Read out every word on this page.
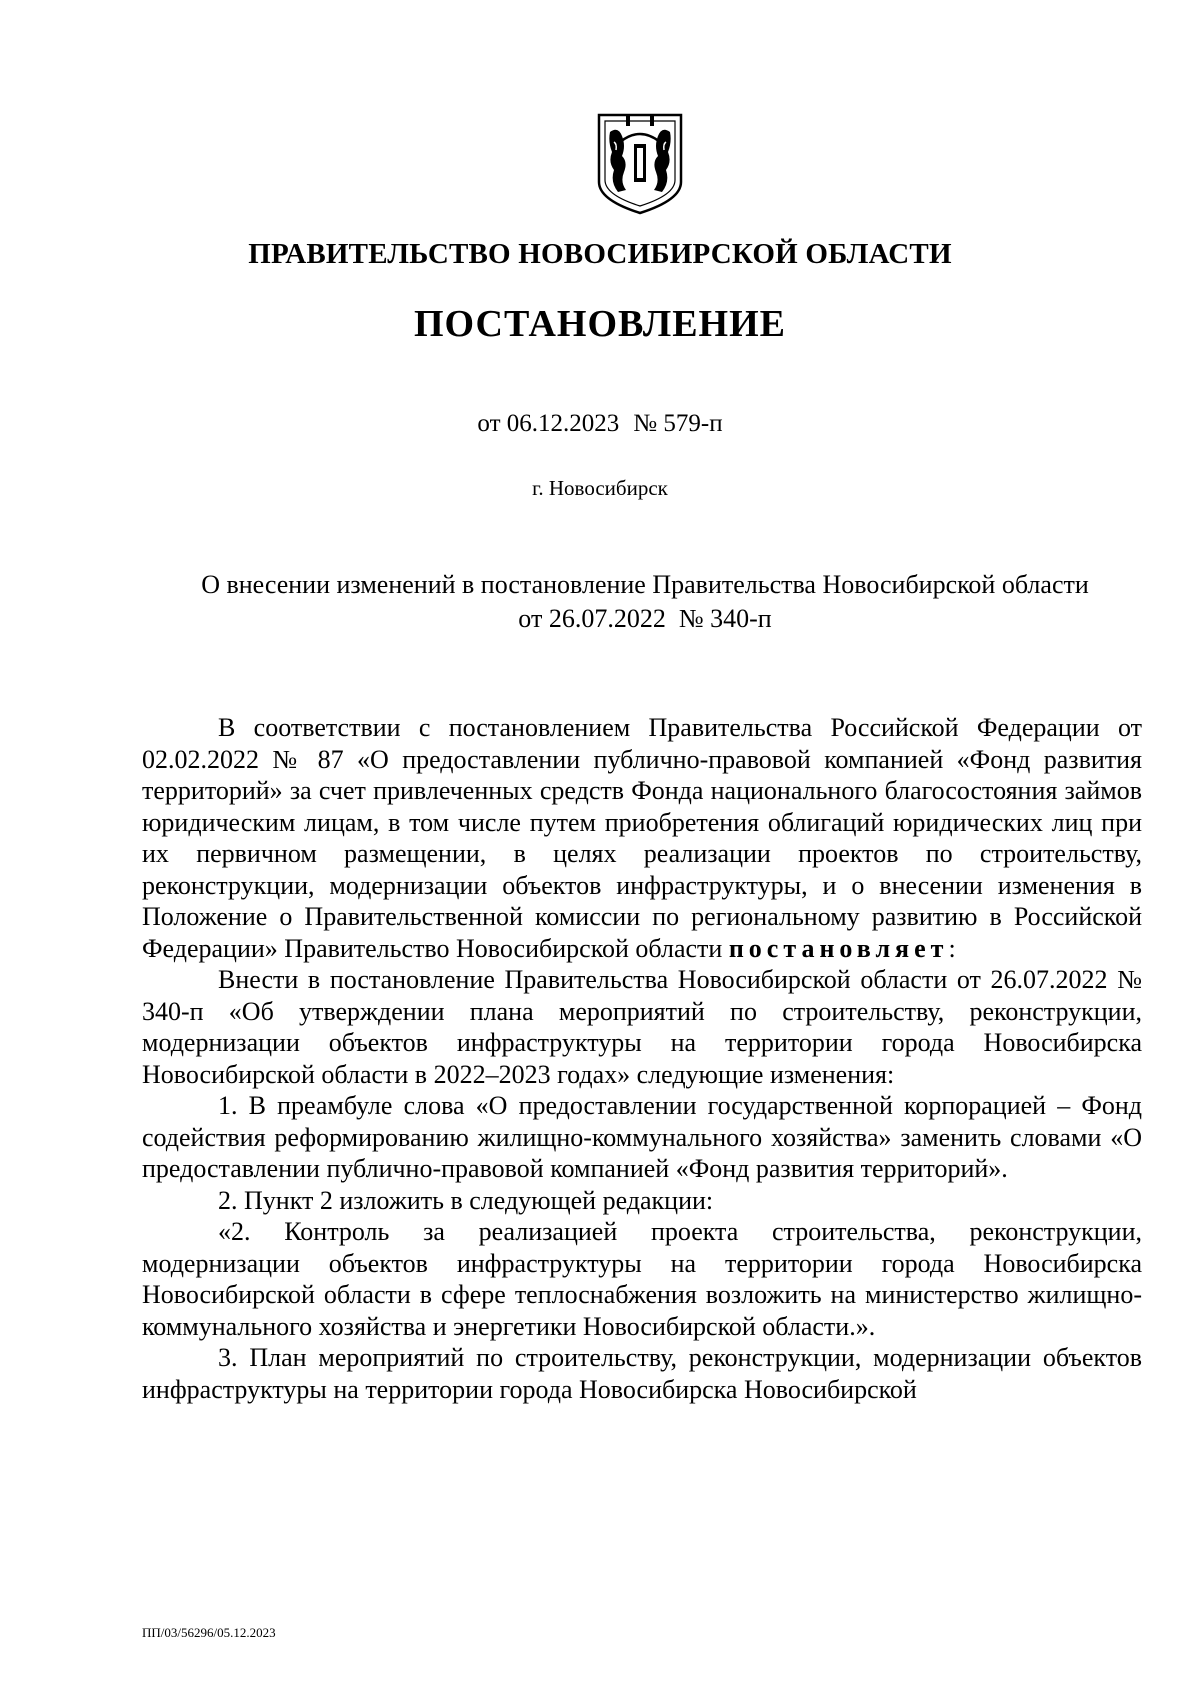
ПРАВИТЕЛЬСТВО НОВОСИБИРСКОЙ ОБЛАСТИ
ПОСТАНОВЛЕНИЕ
от 06.12.2023 № 579-п
г. Новосибирск
О внесении изменений в постановление Правительства Новосибирской области
от 26.07.2022  № 340-п

В соответствии с постановлением Правительства Российской Федерации от 02.02.2022 № 87 «О предоставлении публично-правовой компанией «Фонд развития территорий» за счет привлеченных средств Фонда национального благосостояния займов юридическим лицам, в том числе путем приобретения облигаций юридических лиц при их первичном размещении, в целях реализации проектов по строительству, реконструкции, модернизации объектов инфраструктуры, и о внесении изменения в Положение о Правительственной комиссии по региональному развитию в Российской Федерации» Правительство Новосибирской области постановляет:

Внести в постановление Правительства Новосибирской области от 26.07.2022 № 340-п «Об утверждении плана мероприятий по строительству, реконструкции, модернизации объектов инфраструктуры на территории города Новосибирска Новосибирской области в 2022–2023 годах» следующие изменения:

1. В преамбуле слова «О предоставлении государственной корпорацией – Фонд содействия реформированию жилищно-коммунального хозяйства» заменить словами «О предоставлении публично-правовой компанией «Фонд развития территорий».

2. Пункт 2 изложить в следующей редакции:

«2. Контроль за реализацией проекта строительства, реконструкции, модернизации объектов инфраструктуры на территории города Новосибирска Новосибирской области в сфере теплоснабжения возложить на министерство жилищно-коммунального хозяйства и энергетики Новосибирской области.».

3. План мероприятий по строительству, реконструкции, модернизации объектов инфраструктуры на территории города Новосибирска Новосибирской

ПП/03/56296/05.12.2023
